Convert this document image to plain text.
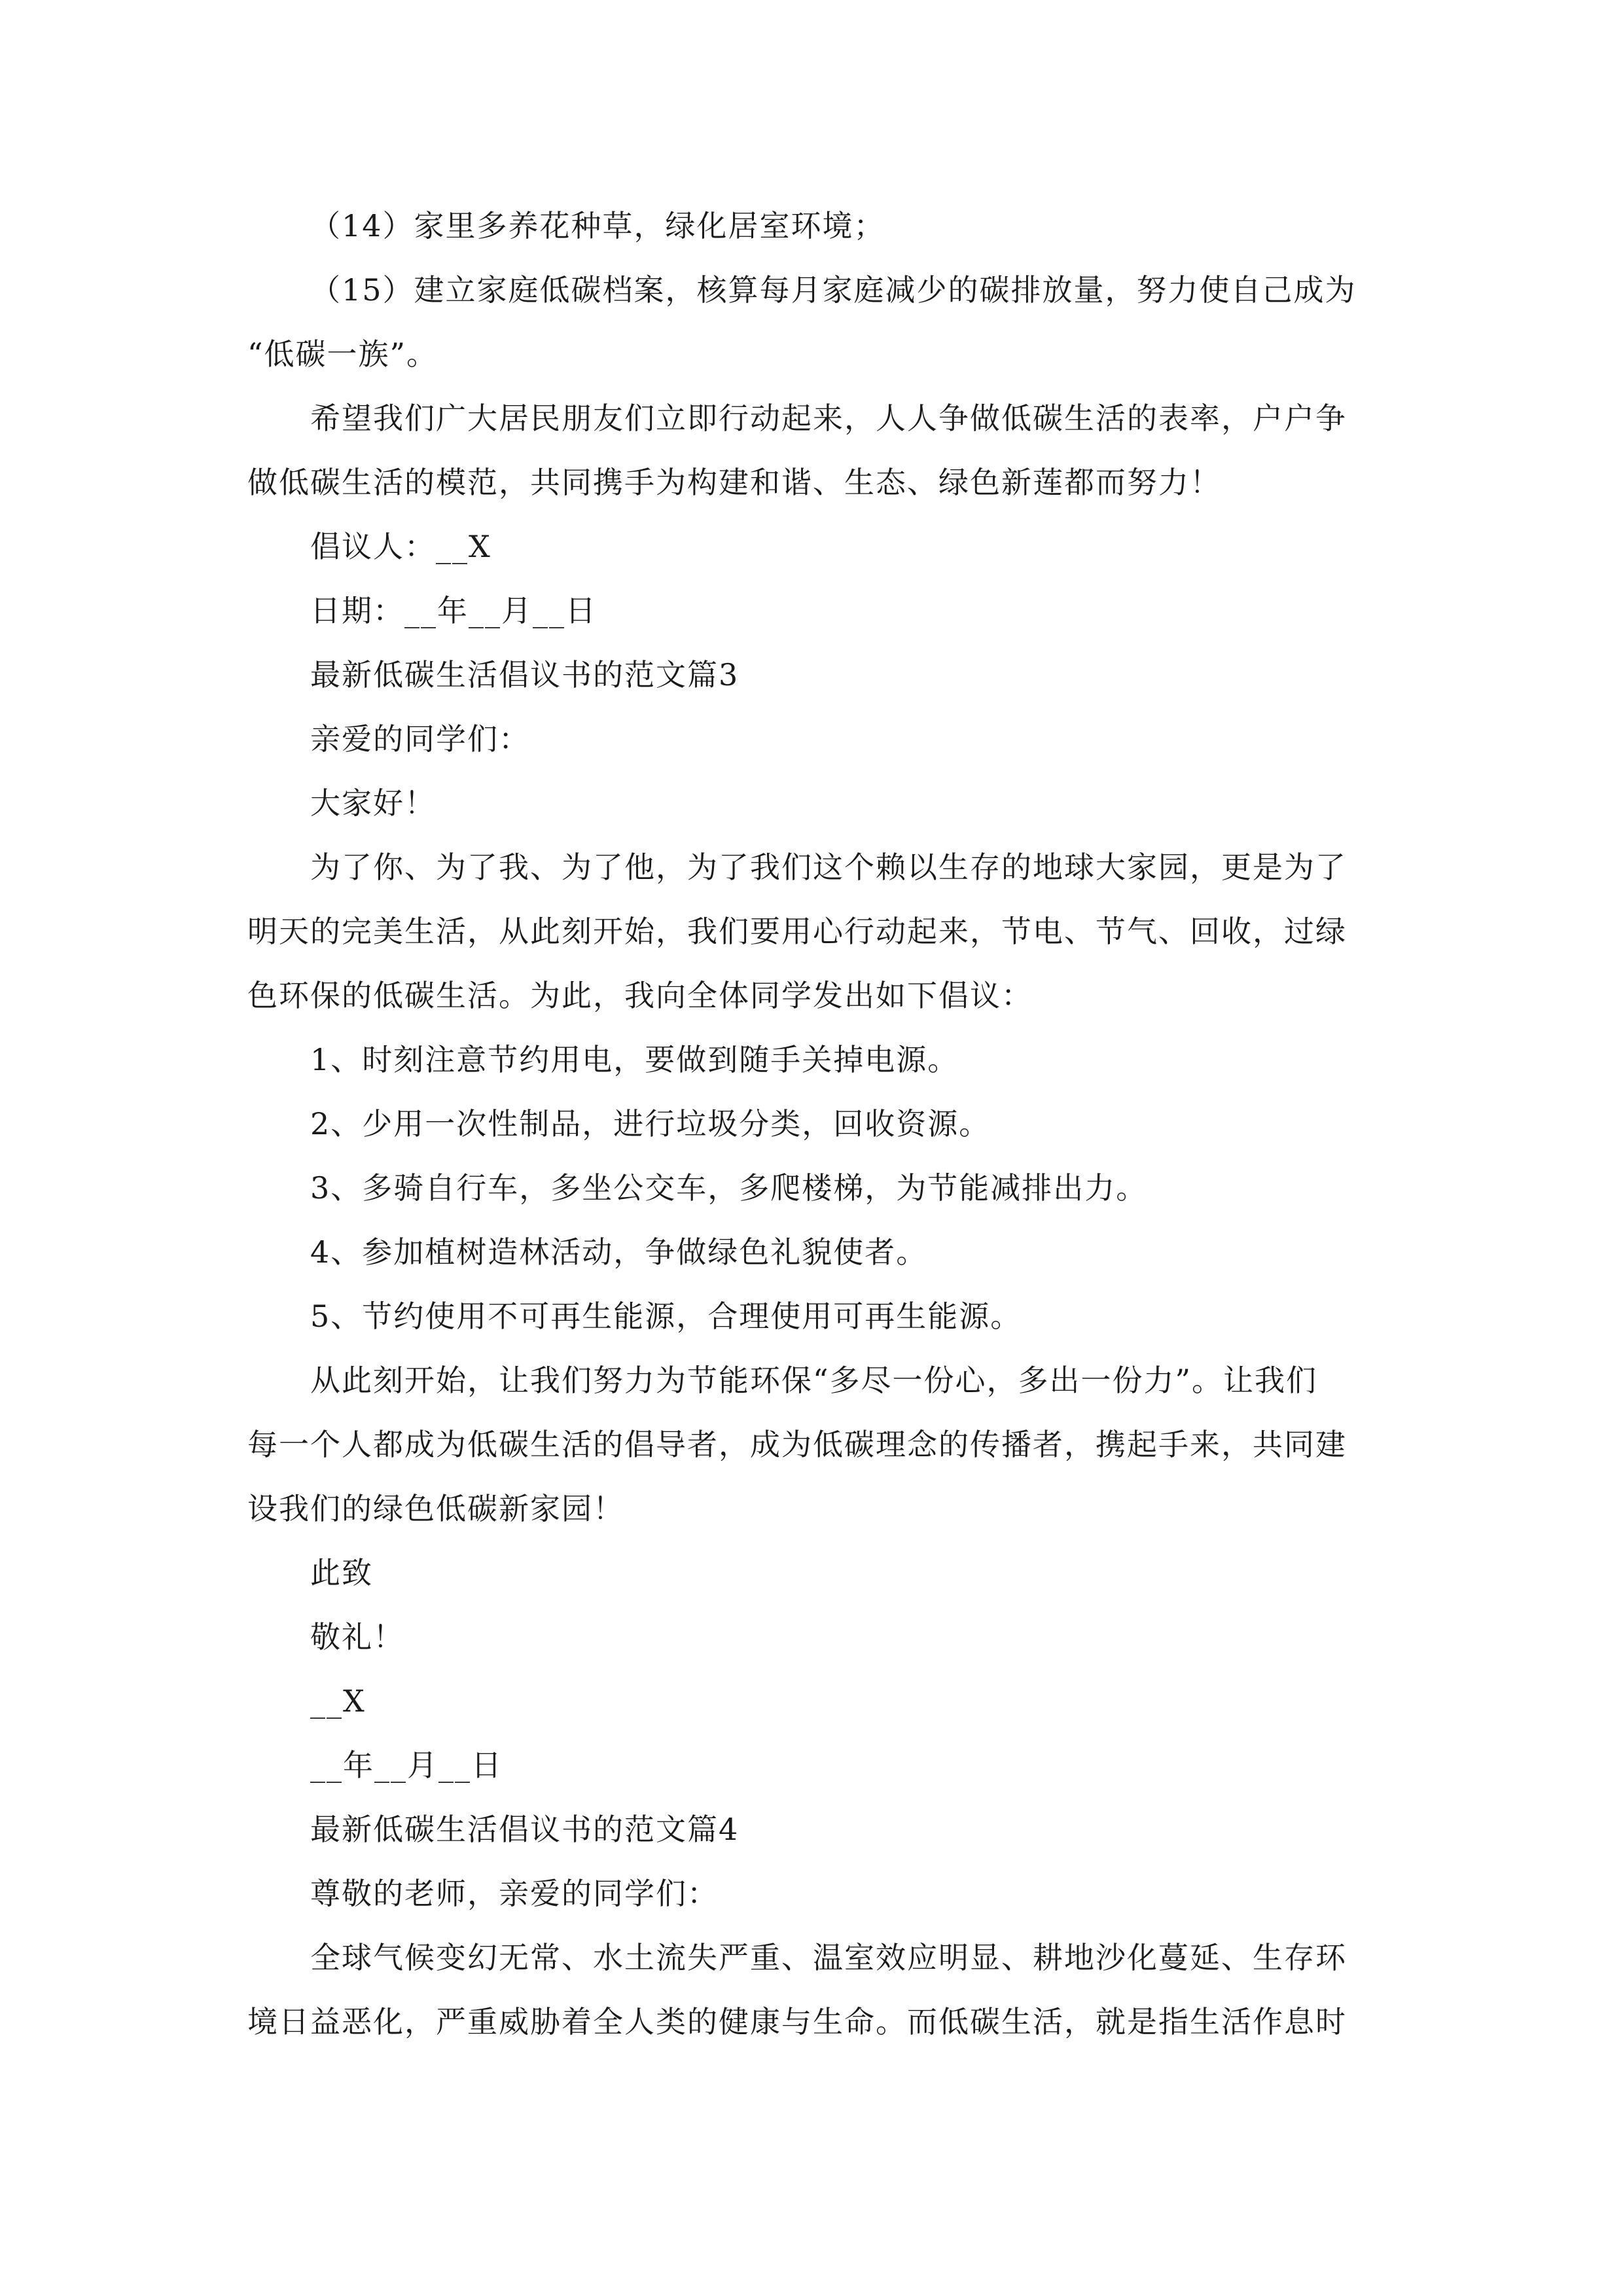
（14）家里多养花种草，绿化居室环境；
（15）建立家庭低碳档案，核算每月家庭减少的碳排放量，努力使自己成为
“低碳一族”。
希望我们广大居民朋友们立即行动起来，人人争做低碳生活的表率，户户争
做低碳生活的模范，共同携手为构建和谐、生态、绿色新莲都而努力！
倡议人：__X
日期：__年__月__日
最新低碳生活倡议书的范文篇3
亲爱的同学们：
大家好！
为了你、为了我、为了他，为了我们这个赖以生存的地球大家园，更是为了
明天的完美生活，从此刻开始，我们要用心行动起来，节电、节气、回收，过绿
色环保的低碳生活。为此，我向全体同学发出如下倡议：
1、时刻注意节约用电，要做到随手关掉电源。
2、少用一次性制品，进行垃圾分类，回收资源。
3、多骑自行车，多坐公交车，多爬楼梯，为节能减排出力。
4、参加植树造林活动，争做绿色礼貌使者。
5、节约使用不可再生能源，合理使用可再生能源。
从此刻开始，让我们努力为节能环保“多尽一份心，多出一份力”。让我们
每一个人都成为低碳生活的倡导者，成为低碳理念的传播者，携起手来，共同建
设我们的绿色低碳新家园！
此致
敬礼！
__X
__年__月__日
最新低碳生活倡议书的范文篇4
尊敬的老师，亲爱的同学们：
全球气候变幻无常、水土流失严重、温室效应明显、耕地沙化蔓延、生存环
境日益恶化，严重威胁着全人类的健康与生命。而低碳生活，就是指生活作息时
